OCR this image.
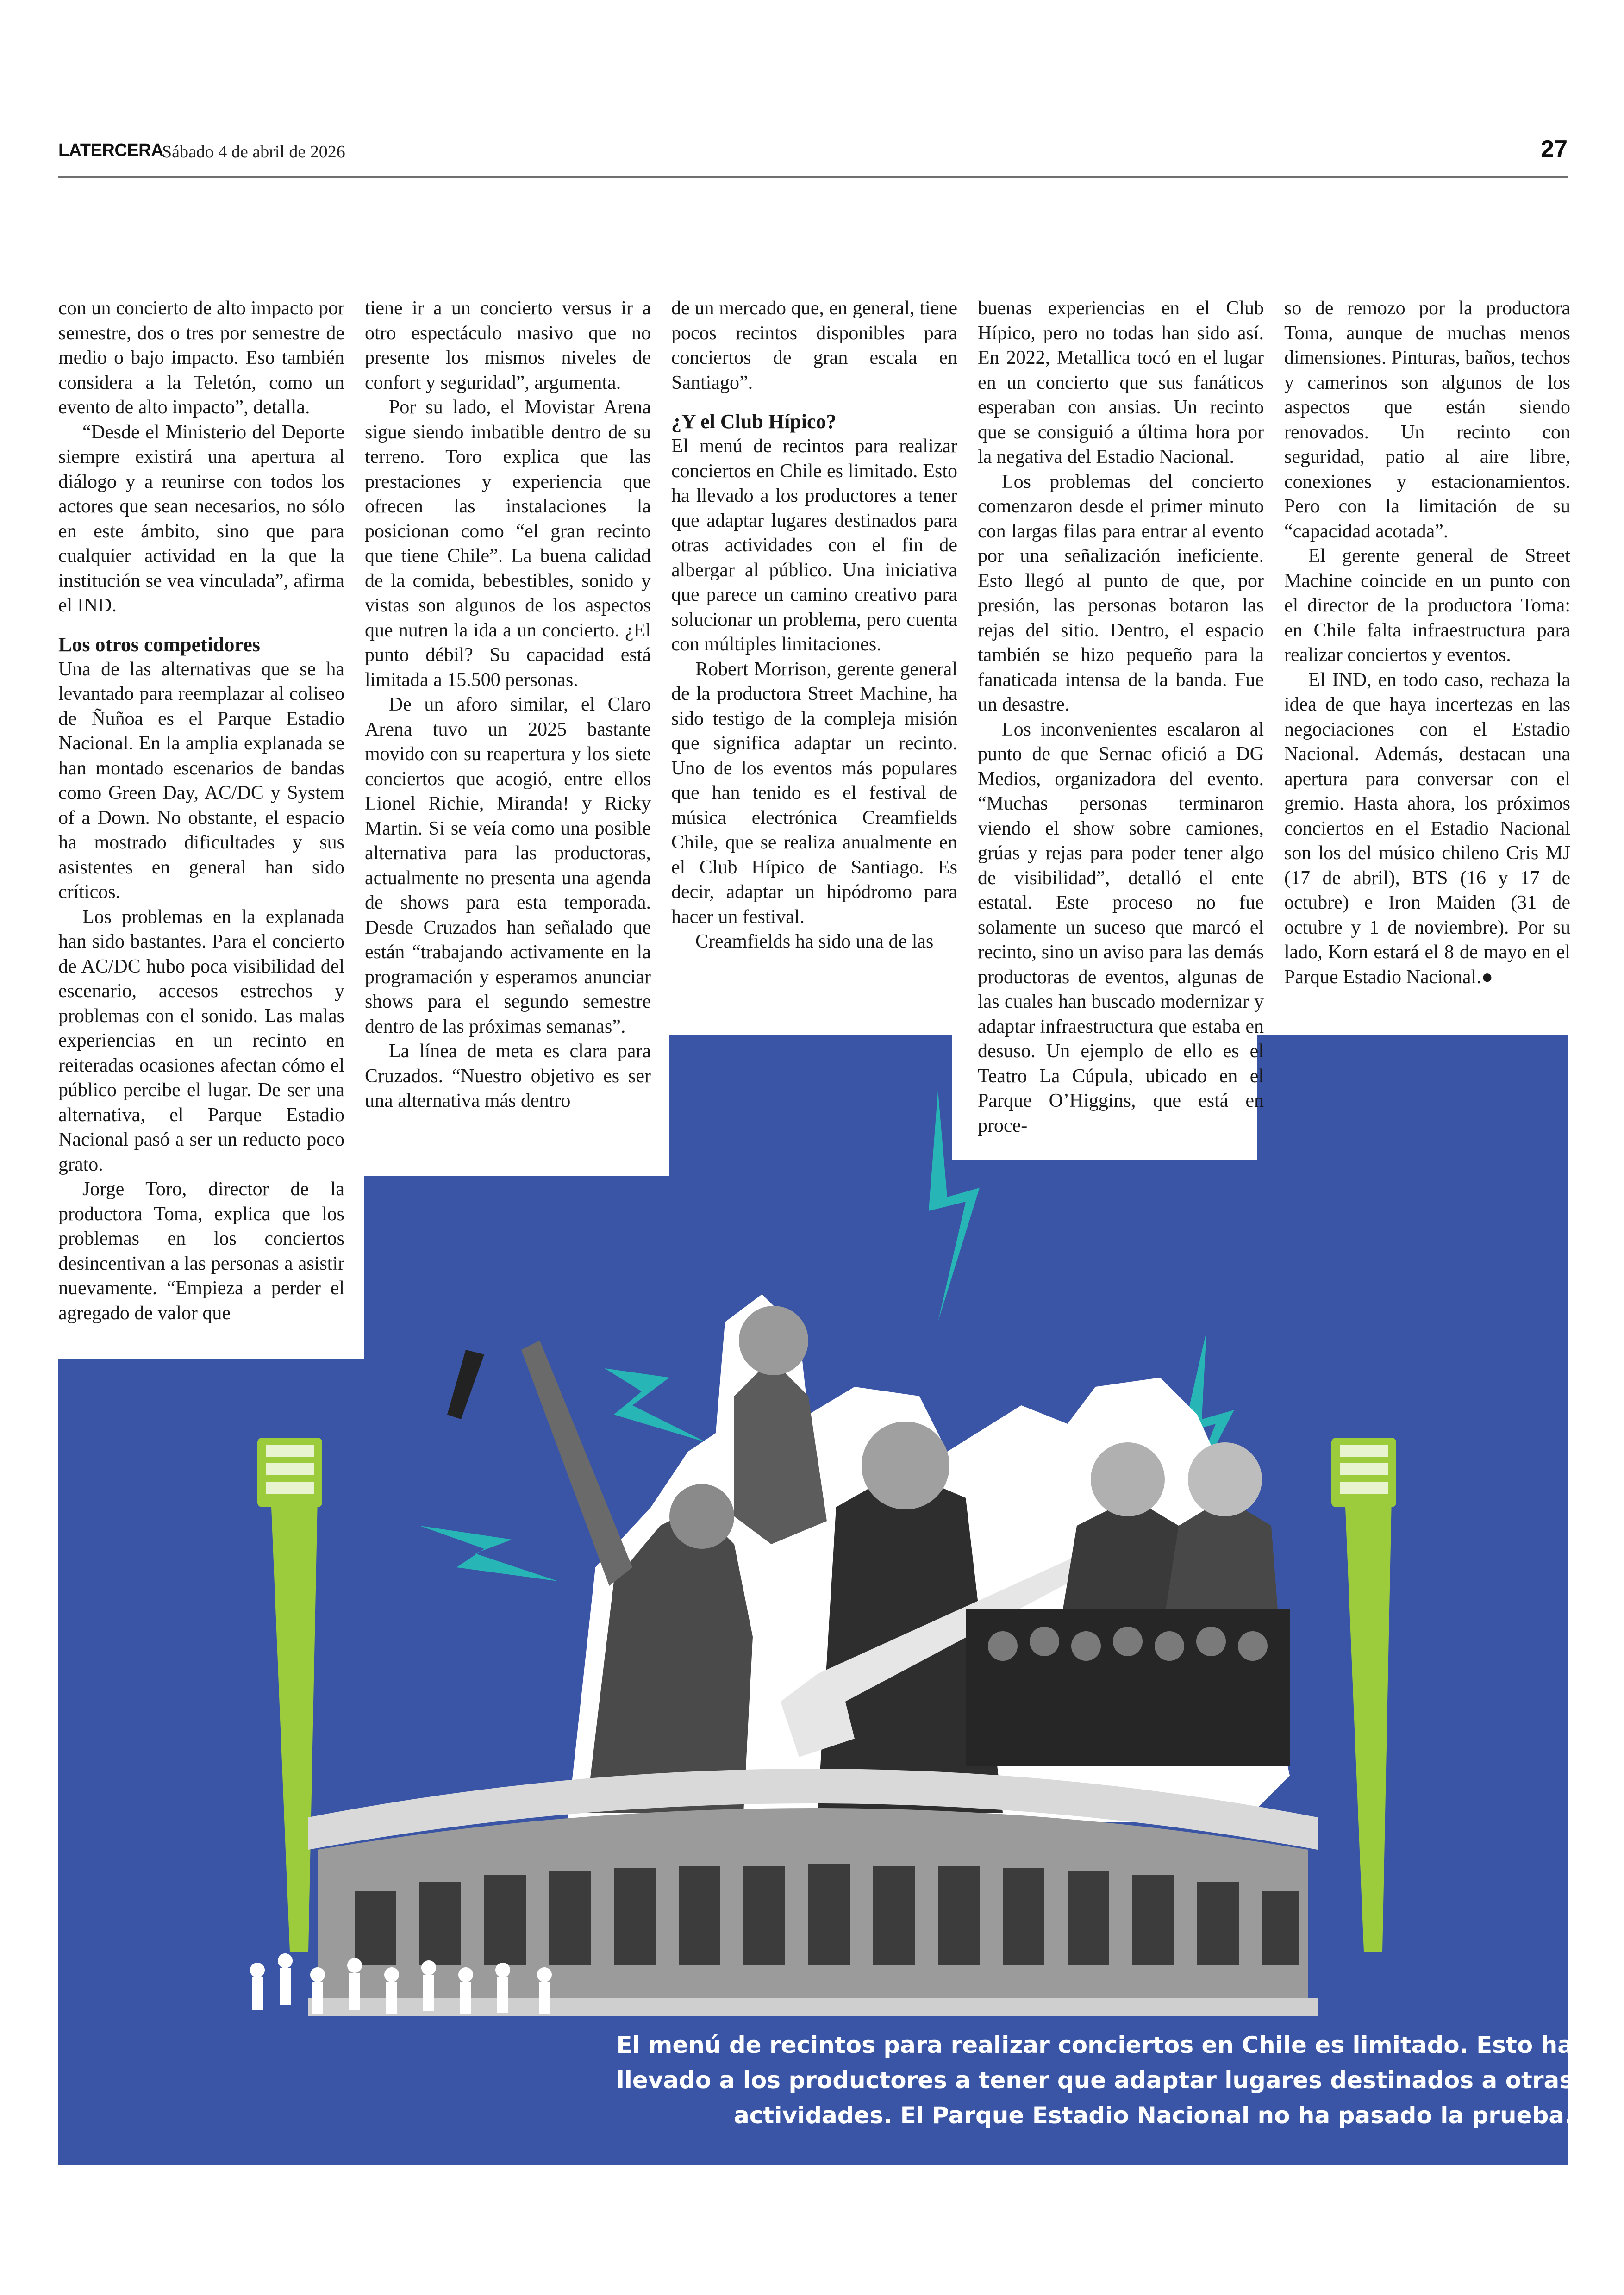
LATERCERA
Sábado 4 de abril de 2026	27
El menú de recintos para realizar conciertos en Chile es limitado. Esto ha llevado a los productores a tener que adaptar lugares destinados a otras actividades. El Parque Estadio Nacional no ha pasado la prueba.

con un concierto de alto impacto por semestre, dos o tres por semestre de medio o bajo impacto. Eso también considera a la Teletón, como un evento de alto impacto”, detalla.

“Desde el Ministerio del Deporte siempre existirá una apertura al diálogo y a reunirse con todos los actores que sean necesarios, no sólo en este ámbito, sino que para cualquier actividad en la que la institución se vea vinculada”, afirma el IND.

Los otros competidores

Una de las alternativas que se ha levantado para reemplazar al coliseo de Ñuñoa es el Parque Estadio Nacional. En la amplia explanada se han montado escenarios de bandas como Green Day, AC/DC y System of a Down. No obstante, el espacio ha mostrado dificultades y sus asistentes en general han sido críticos.

Los problemas en la explanada han sido bastantes. Para el concierto de AC/DC hubo poca visibilidad del escenario, accesos estrechos y problemas con el sonido. Las malas experiencias en un recinto en reiteradas ocasiones afectan cómo el público percibe el lugar. De ser una alternativa, el Parque Estadio Nacional pasó a ser un reducto poco grato.

Jorge Toro, director de la productora Toma, explica que los problemas en los conciertos desincentivan a las personas a asistir nuevamente. “Empieza a perder el agregado de valor que

tiene ir a un concierto versus ir a otro espectáculo masivo que no presente los mismos niveles de confort y seguridad”, argumenta.

Por su lado, el Movistar Arena sigue siendo imbatible dentro de su terreno. Toro explica que las prestaciones y experiencia que ofrecen las instalaciones la posicionan como “el gran recinto que tiene Chile”. La buena calidad de la comida, bebestibles, sonido y vistas son algunos de los aspectos que nutren la ida a un concierto. ¿El punto débil? Su capacidad está limitada a 15.500 personas.

De un aforo similar, el Claro Arena tuvo un 2025 bastante movido con su reapertura y los siete conciertos que acogió, entre ellos Lionel Richie, Miranda! y Ricky Martin. Si se veía como una posible alternativa para las productoras, actualmente no presenta una agenda de shows para esta temporada. Desde Cruzados han señalado que están “trabajando activamente en la programación y esperamos anunciar shows para el segundo semestre dentro de las próximas semanas”.

La línea de meta es clara para Cruzados. “Nuestro objetivo es ser una alternativa más dentro

de un mercado que, en general, tiene pocos recintos disponibles para conciertos de gran escala en Santiago”.

¿Y el Club Hípico?

El menú de recintos para realizar conciertos en Chile es limitado. Esto ha llevado a los productores a tener que adaptar lugares destinados para otras actividades con el fin de albergar al público. Una iniciativa que parece un camino creativo para solucionar un problema, pero cuenta con múltiples limitaciones.

Robert Morrison, gerente general de la productora Street Machine, ha sido testigo de la compleja misión que significa adaptar un recinto. Uno de los eventos más populares que han tenido es el festival de música electrónica Creamfields Chile, que se realiza anualmente en el Club Hípico de Santiago. Es decir, adaptar un hipódromo para hacer un festival.

Creamfields ha sido una de las

buenas experiencias en el Club Hípico, pero no todas han sido así. En 2022, Metallica tocó en el lugar en un concierto que sus fanáticos esperaban con ansias. Un recinto que se consiguió a última hora por la negativa del Estadio Nacional.

Los problemas del concierto comenzaron desde el primer minuto con largas filas para entrar al evento por una señalización ineficiente. Esto llegó al punto de que, por presión, las personas botaron las rejas del sitio. Dentro, el espacio también se hizo pequeño para la fanaticada intensa de la banda. Fue un desastre.

Los inconvenientes escalaron al punto de que Sernac ofició a DG Medios, organizadora del evento. “Muchas personas terminaron viendo el show sobre camiones, grúas y rejas para poder tener algo de visibilidad”, detalló el ente estatal. Este proceso no fue solamente un suceso que marcó el recinto, sino un aviso para las demás productoras de eventos, algunas de las cuales han buscado modernizar y adaptar infraestructura que estaba en desuso. Un ejemplo de ello es el Teatro La Cúpula, ubicado en el Parque O’Higgins, que está en proce-

so de remozo por la productora Toma, aunque de muchas menos dimensiones. Pinturas, baños, techos y camerinos son algunos de los aspectos que están siendo renovados. Un recinto con seguridad, patio al aire libre, conexiones y estacionamientos. Pero con la limitación de su “capacidad acotada”.

El gerente general de Street Machine coincide en un punto con el director de la productora Toma: en Chile falta infraestructura para realizar conciertos y eventos.

El IND, en todo caso, rechaza la idea de que haya incertezas en las negociaciones con el Estadio Nacional. Además, destacan una apertura para conversar con el gremio. Hasta ahora, los próximos conciertos en el Estadio Nacional son los del músico chileno Cris MJ (17 de abril), BTS (16 y 17 de octubre) e Iron Maiden (31 de octubre y 1 de noviembre). Por su lado, Korn estará el 8 de mayo en el Parque Estadio Nacional.●
